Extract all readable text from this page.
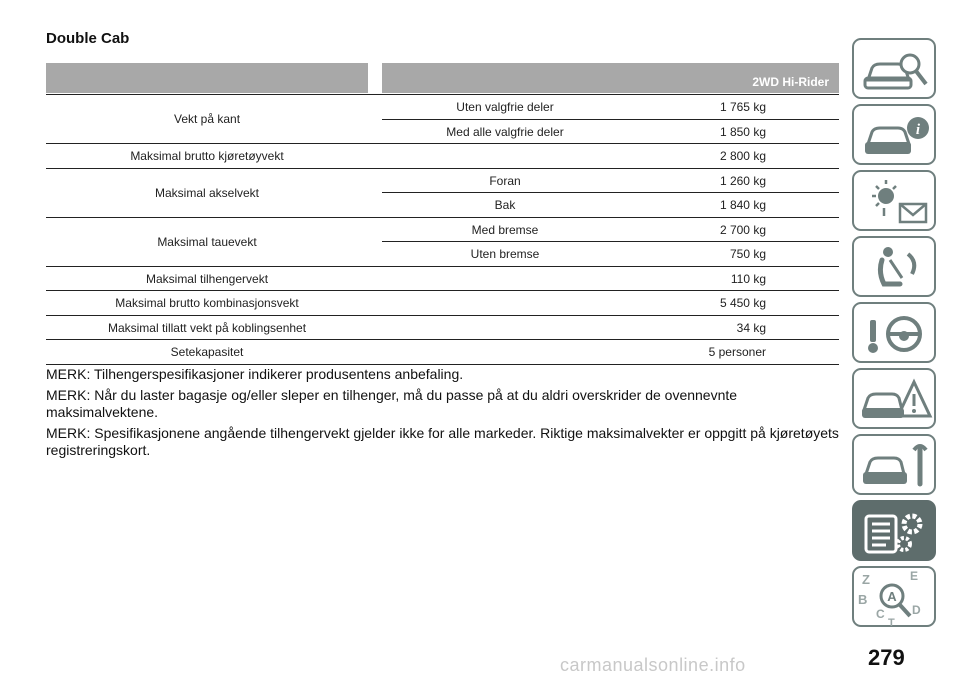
Double Cab
2WD Hi-Rider
Vekt på kant
Uten valgfrie deler	1 765 kg
Med alle valgfrie deler	1 850 kg
Maksimal brutto kjøretøyvekt	2 800 kg
Maksimal akselvekt
Foran	1 260 kg
Bak	1 840 kg
Maksimal tauevekt
Med bremse	2 700 kg
Uten bremse	750 kg
Maksimal tilhengervekt	110 kg
Maksimal brutto kombinasjonsvekt	5 450 kg
Maksimal tillatt vekt på koblingsenhet	34 kg
Setekapasitet	5 personer

MERK: Tilhengerspesifikasjoner indikerer produsentens anbefaling.

MERK: Når du laster bagasje og/eller sleper en tilhenger, må du passe på at du aldri overskrider de ovennevnte maksimalvektene.

MERK: Spesifikasjonene angående tilhengervekt gjelder ikke for alle markeder. Riktige maksimalvekter er oppgitt på kjøretøyets registreringskort.

i
Z	E
B
D
C
T
A
279
carmanualsonline.info
